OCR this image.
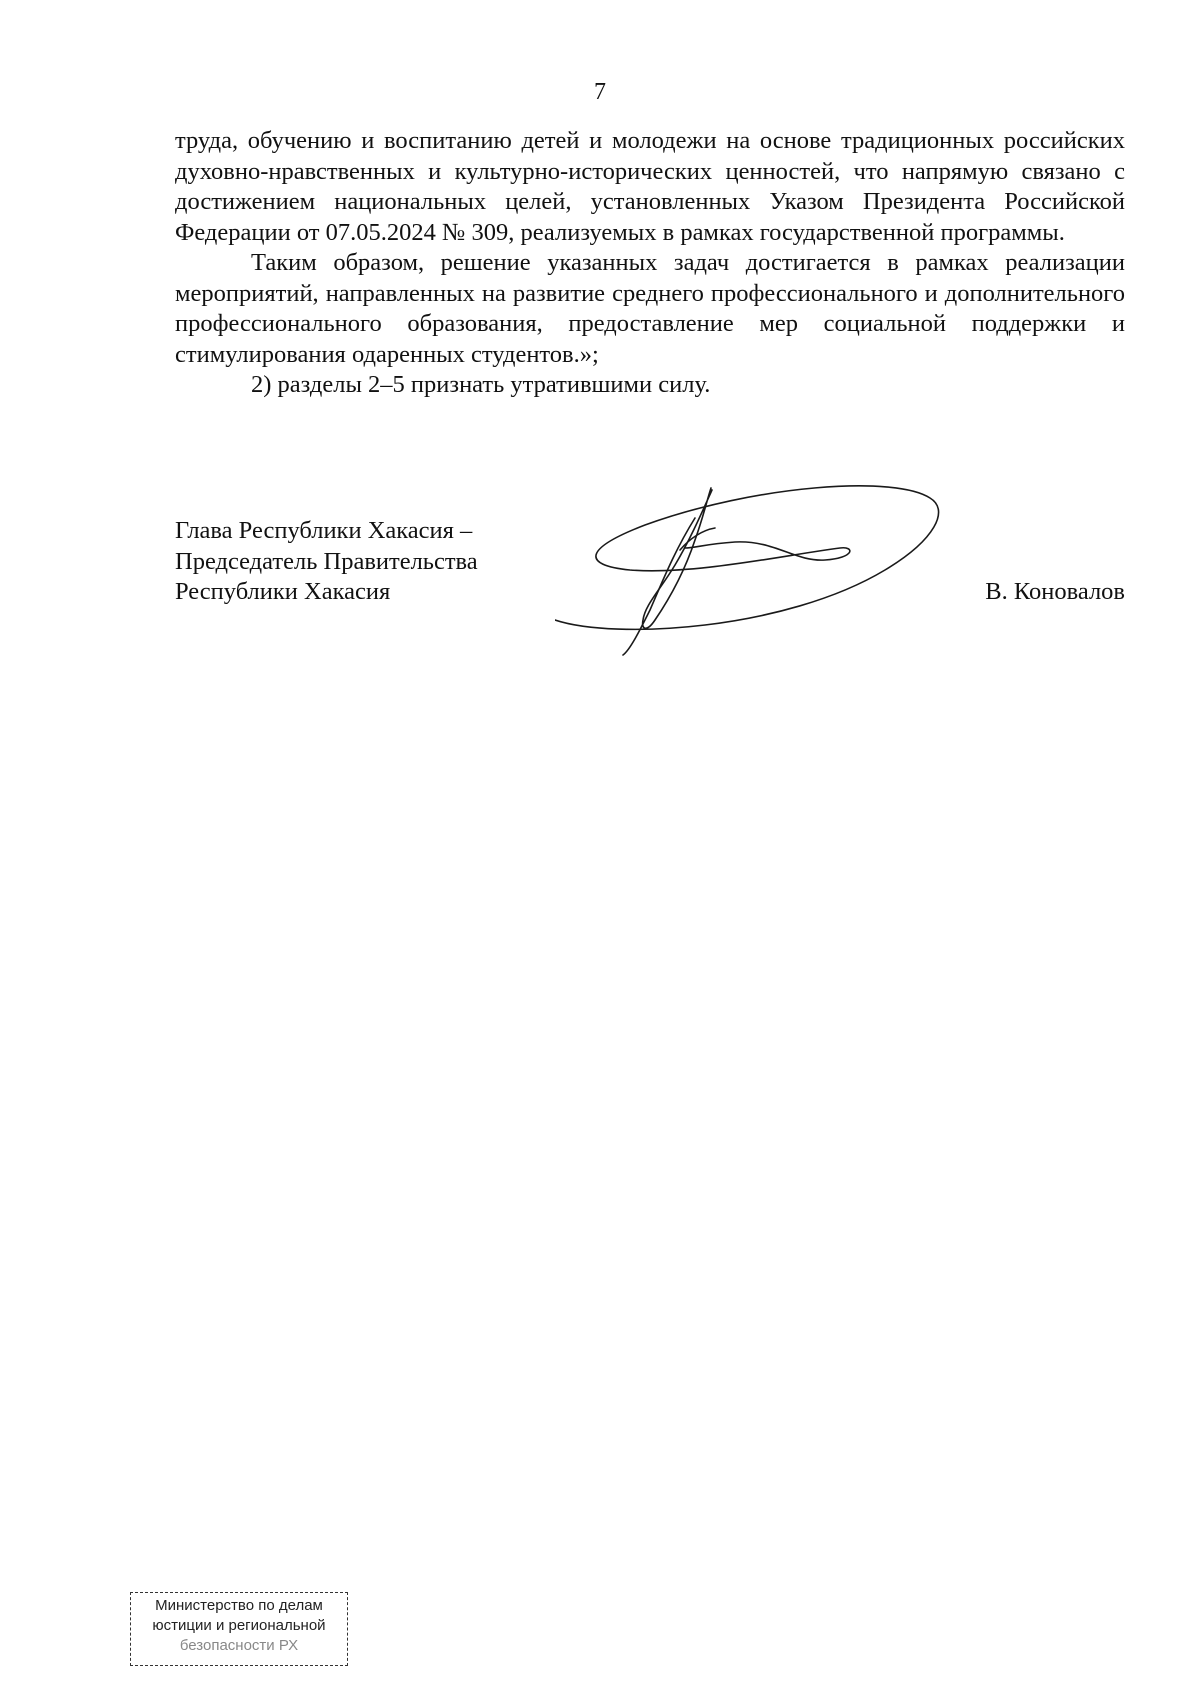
7

труда, обучению и воспитанию детей и молодежи на основе традиционных российских духовно-нравственных и культурно-исторических ценностей, что напрямую связано с достижением национальных целей, установленных Указом Президента Российской Федерации от 07.05.2024 № 309, реализуемых в рамках государственной программы.

Таким образом, решение указанных задач достигается в рамках реализации мероприятий, направленных на развитие среднего профессионального и дополнительного профессионального образования, предоставление мер социальной поддержки и стимулирования одаренных студентов.»;

2) разделы 2–5 признать утратившими силу.

Глава Республики Хакасия –
Председатель Правительства
Республики Хакасия	В. Коновалов
Министерство по делам
юстиции и региональной
безопасности РХ
